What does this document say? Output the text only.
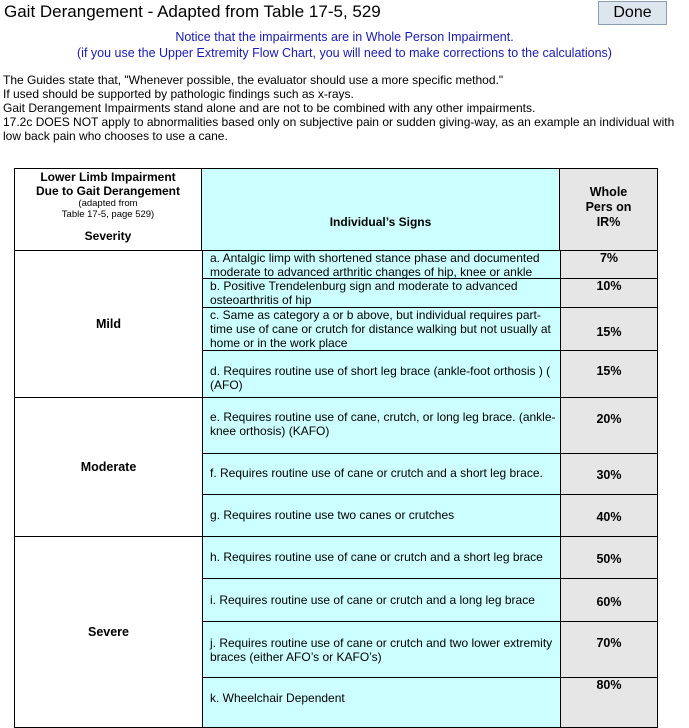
Gait Derangement - Adapted from Table 17-5, 529	Done
Notice that the impairments are in Whole Person Impairment.
(if you use the Upper Extremity Flow Chart, you will need to make corrections to the calculations)
The Guides state that, "Whenever possible, the evaluator should use a more specific method."
If used should be supported by pathologic findings such as x-rays.
Gait Derangement Impairments stand alone and are not to be combined with any other impairments.
17.2c DOES NOT apply to abnormalities based only on subjective pain or sudden giving-way, as an example an individual with
low back pain who chooses to use a cane.
Lower Limb Impairment
Due to Gait Derangement
(adapted from
Table 17-5, page 529)
Severity
Individual’s Signs
Whole
Pers on
IR%
Mild
Moderate
Severe
a. Antalgic limp with shortened stance phase and documented moderate to advanced arthritic changes of hip, knee or ankle
b. Positive Trendelenburg sign and moderate to advanced osteoarthritis of hip
c. Same as category a or b above, but individual requires part-time use of cane or crutch for distance walking but not usually at home or in the work place
d. Requires routine use of short leg brace (ankle-foot orthosis ) ( (AFO)
e. Requires routine use of cane, crutch, or long leg brace. (ankle-knee orthosis) (KAFO)
f. Requires routine use of cane or crutch and a short leg brace.
g. Requires routine use two canes or crutches
h. Requires routine use of cane or crutch and a short leg brace
i. Requires routine use of cane or crutch and a long leg brace
j. Requires routine use of cane or crutch and two lower extremity braces (either AFO’s or KAFO’s)
k. Wheelchair Dependent
7%
10%
15%
15%
20%
30%
40%
50%
60%
70%
80%
